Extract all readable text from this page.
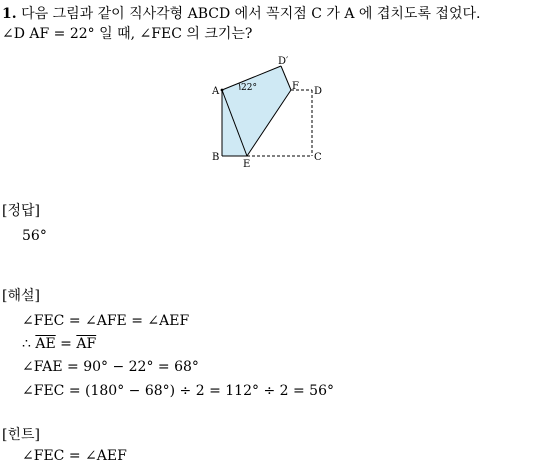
1. 다음 그림과 같이 직사각형 ABCD 에서 꼭지점 C 가 A 에 겹치도록 접었다.
∠D AF = 22° 일 때, ∠FEC 의 크기는?
A
B
D
C
E
F
D′
22°
[정답]
56°
[해설]
∠FEC = ∠AFE = ∠AEF
∴ $\overline{AE} = \overline{AF}$
∠FAE = 90° − 22° = 68°
∠FEC = (180° − 68°) ÷ 2 = 112° ÷ 2 = 56°
[힌트]
∠FEC = ∠AEF
